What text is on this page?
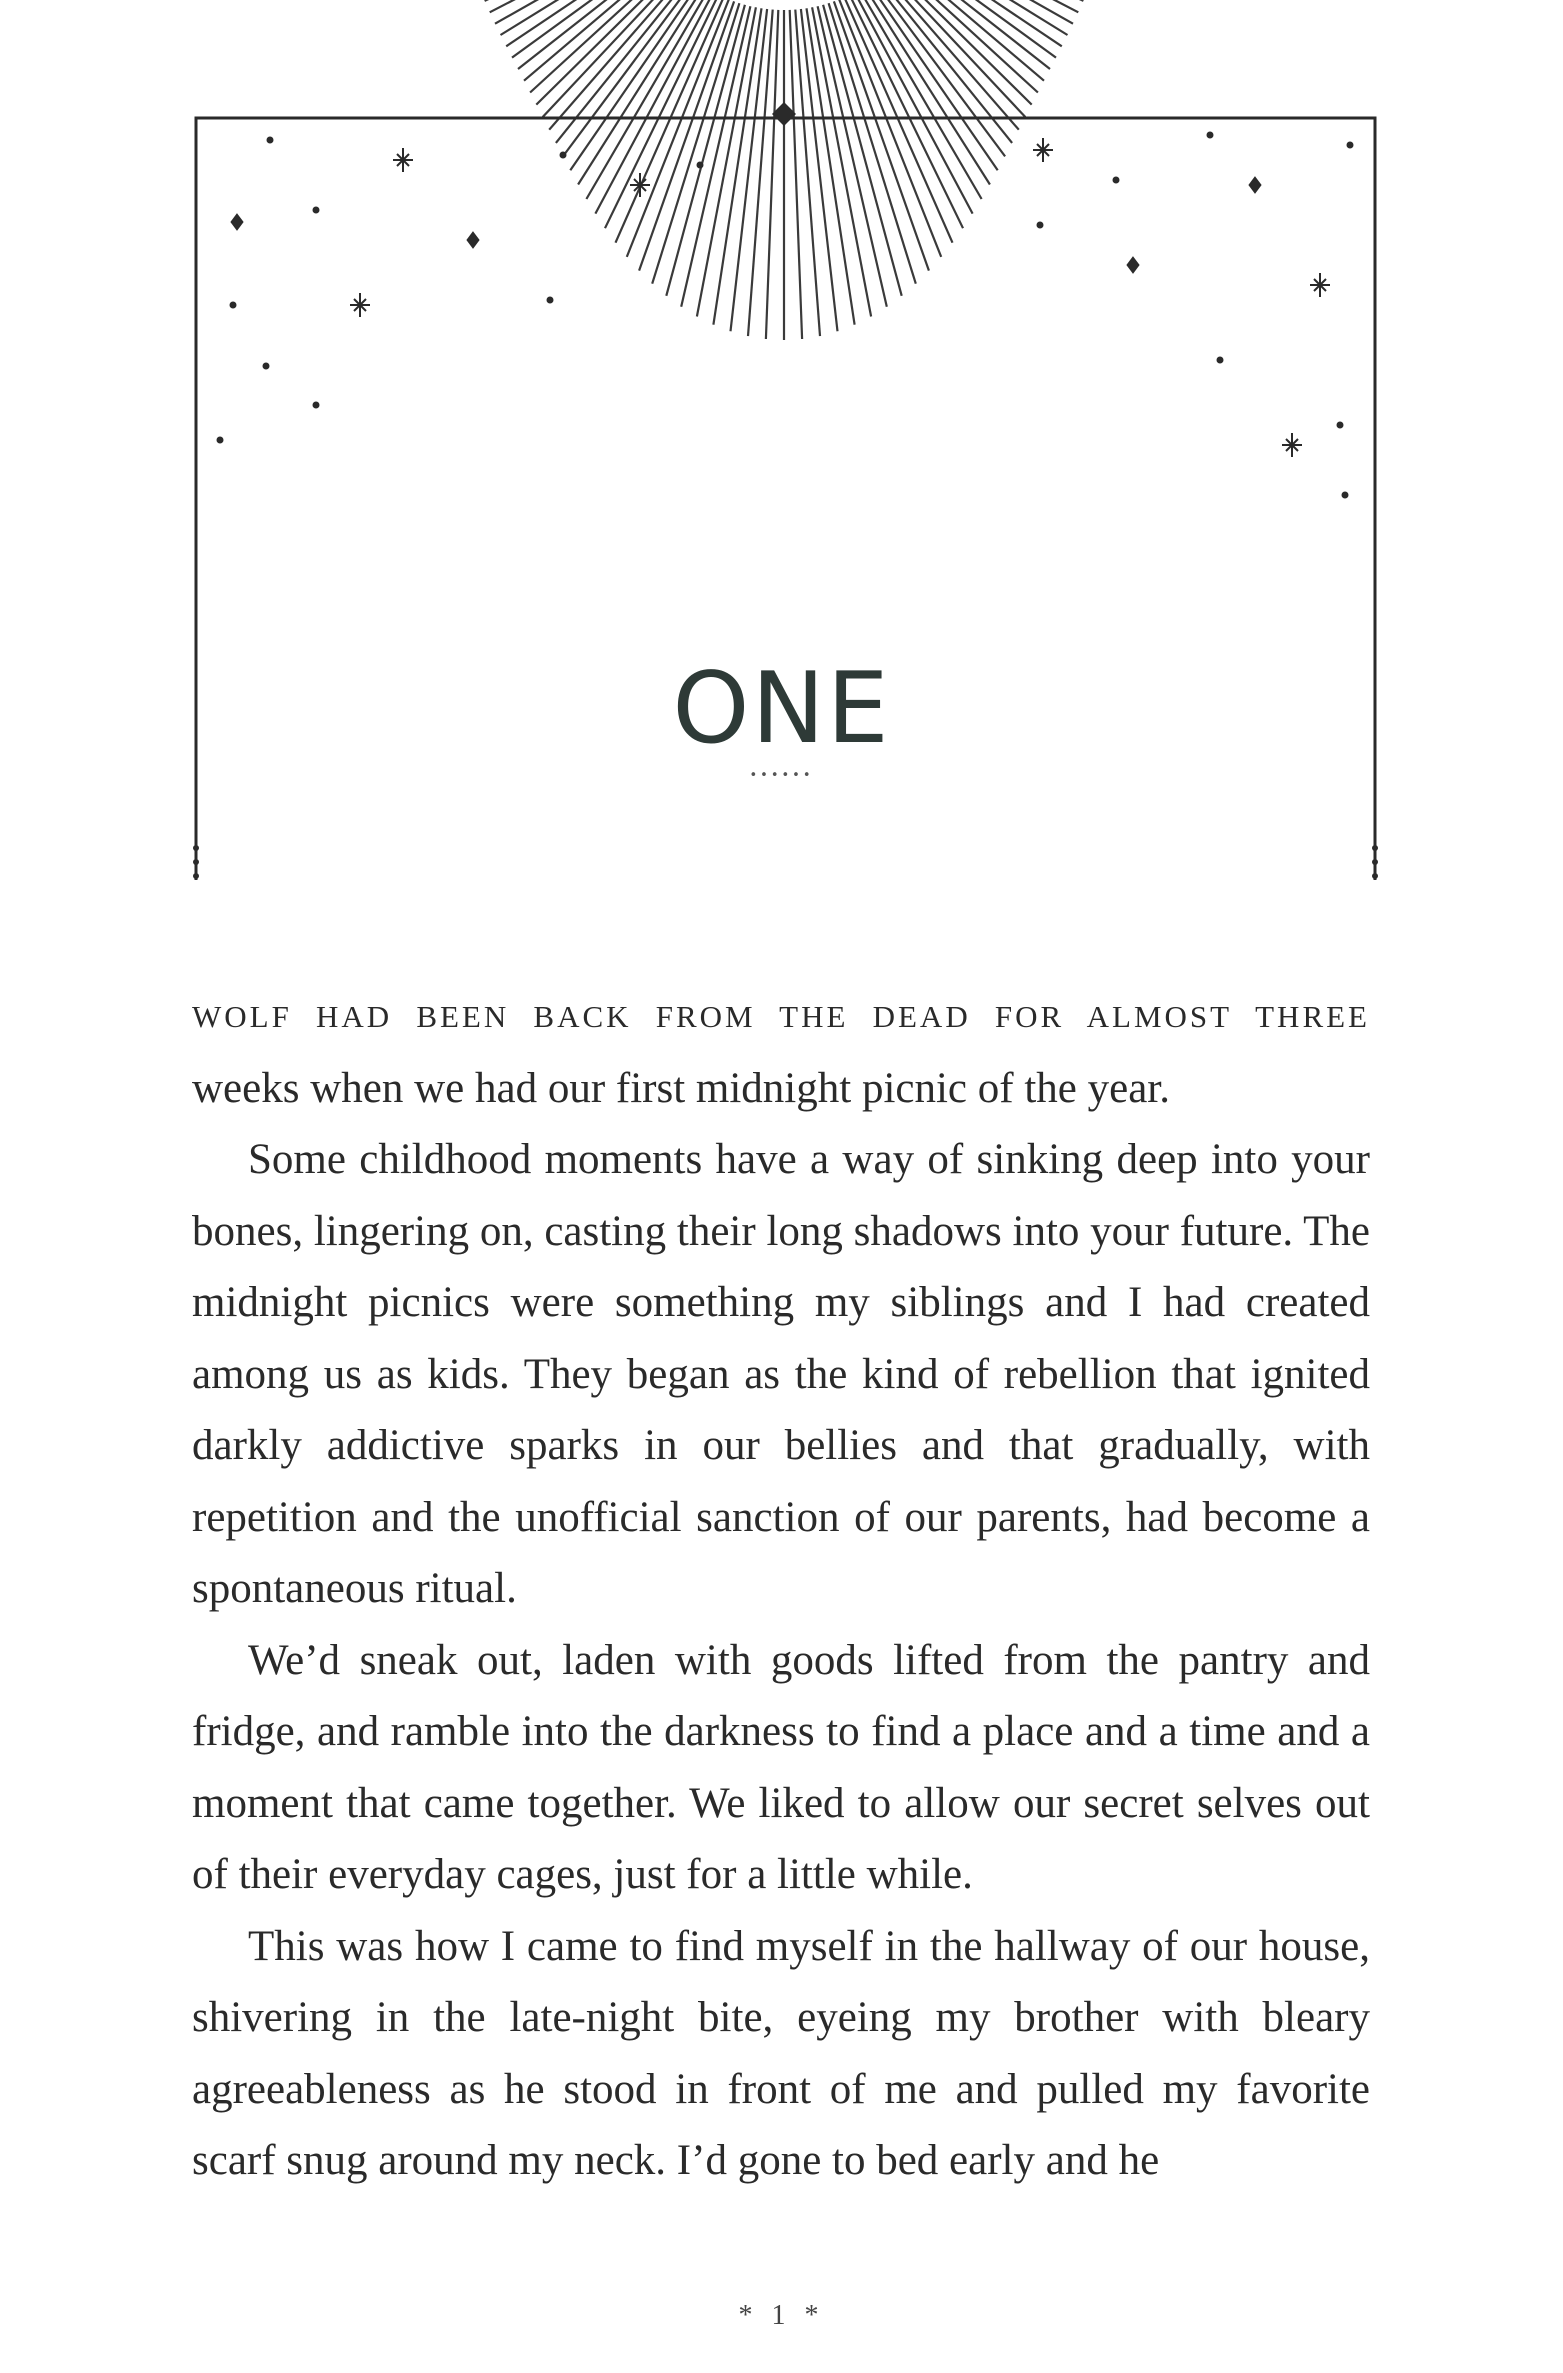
ONE
••••••

WOLF HAD BEEN BACK FROM THE DEAD FOR ALMOST THREE
weeks when we had our first midnight picnic of the year.

Some childhood moments have a way of sinking deep into your bones, lingering on, casting their long shadows into your future. The midnight picnics were something my siblings and I had created among us as kids. They began as the kind of rebellion that ignited darkly addictive sparks in our bellies and that gradually, with repetition and the unofficial sanction of our parents, had become a spontaneous ritual.

We’d sneak out, laden with goods lifted from the pantry and fridge, and ramble into the darkness to find a place and a time and a moment that came together. We liked to allow our secret selves out of their everyday cages, just for a little while.

This was how I came to find myself in the hallway of our house, shivering in the late-night bite, eyeing my brother with bleary agreeableness as he stood in front of me and pulled my favorite scarf snug around my neck. I’d gone to bed early and he

* 1 *
